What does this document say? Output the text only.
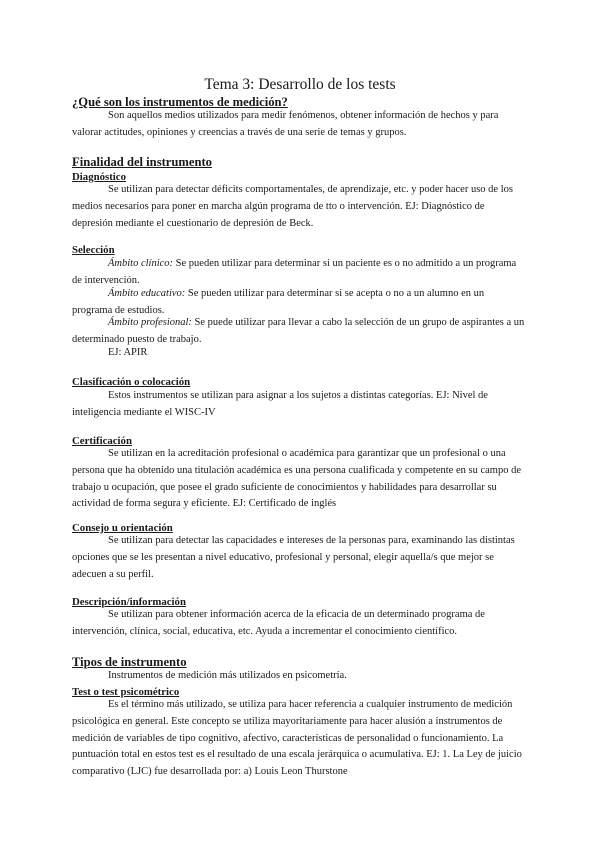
Tema 3: Desarrollo de los tests
¿Qué son los instrumentos de medición?

Son aquellos medios utilizados para medir fenómenos, obtener información de hechos y para valorar actitudes, opiniones y creencias a través de una serie de temas y grupos.

Finalidad del instrumento
Diagnóstico

Se utilizan para detectar déficits comportamentales, de aprendizaje, etc. y poder hacer uso de los medios necesarios para poner en marcha algún programa de tto o intervención. EJ: Diagnóstico de depresión mediante el cuestionario de depresión de Beck.

Selección

Ámbito clínico: Se pueden utilizar para determinar si un paciente es o no admitido a un programa de intervención.

Ámbito educativo: Se pueden utilizar para determinar si se acepta o no a un alumno en un programa de estudios.

Ámbito profesional: Se puede utilizar para llevar a cabo la selección de un grupo de aspirantes a un determinado puesto de trabajo.

EJ: APIR

Clasificación o colocación

Estos instrumentos se utilizan para asignar a los sujetos a distintas categorías. EJ: Nivel de inteligencia mediante el WISC-IV

Certificación

Se utilizan en la acreditación profesional o académica para garantizar que un profesional o una persona que ha obtenido una titulación académica es una persona cualificada y competente en su campo de trabajo u ocupación, que posee el grado suficiente de conocimientos y habilidades para desarrollar su actividad de forma segura y eficiente. EJ: Certificado de inglés

Consejo u orientación

Se utilizan para detectar las capacidades e intereses de la personas para, examinando las distintas opciones que se les presentan a nivel educativo, profesional y personal, elegir aquella/s que mejor se adecuen a su perfil.

Descripción/información

Se utilizan para obtener información acerca de la eficacia de un determinado programa de intervención, clínica, social, educativa, etc. Ayuda a incrementar el conocimiento científico.

Tipos de instrumento

Instrumentos de medición más utilizados en psicometría.

Test o test psicométrico

Es el término más utilizado, se utiliza para hacer referencia a cualquier instrumento de medición psicológica en general. Este concepto se utiliza mayoritariamente para hacer alusión a instrumentos de medición de variables de tipo cognitivo, afectivo, características de personalidad o funcionamiento. La puntuación total en estos test es el resultado de una escala jerárquica o acumulativa. EJ: 1. La Ley de juicio comparativo (LJC) fue desarrollada por: a) Louis Leon Thurstone
